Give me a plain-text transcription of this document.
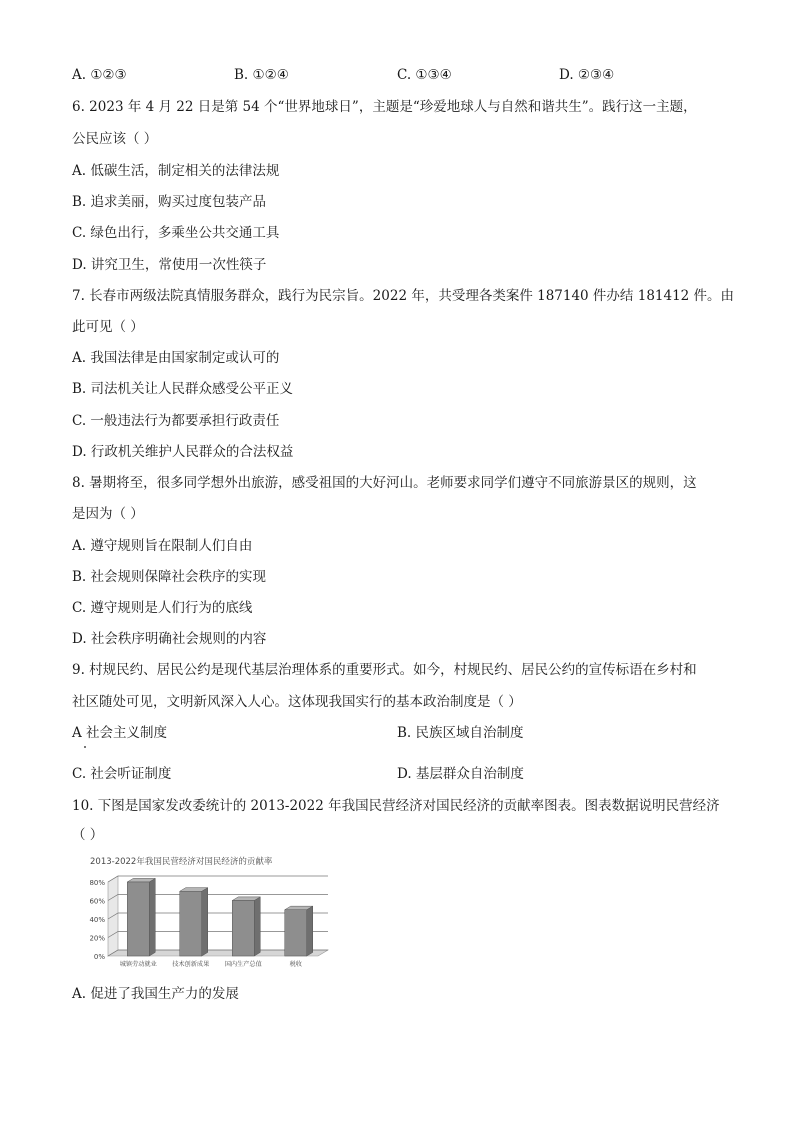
A. ①②③	B. ①②④	C. ①③④	D. ②③④
6. 2023 年 4 月 22 日是第 54 个“世界地球日”，主题是“珍爱地球人与自然和谐共生”。践行这一主题，
公民应该（ ）
A. 低碳生活，制定相关的法律法规
B. 追求美丽，购买过度包装产品
C. 绿色出行，多乘坐公共交通工具
D. 讲究卫生，常使用一次性筷子
7. 长春市两级法院真情服务群众，践行为民宗旨。2022 年，共受理各类案件 187140 件办结 181412 件。由
此可见（ ）
A. 我国法律是由国家制定或认可的
B. 司法机关让人民群众感受公平正义
C. 一般违法行为都要承担行政责任
D. 行政机关维护人民群众的合法权益
8. 暑期将至，很多同学想外出旅游，感受祖国的大好河山。老师要求同学们遵守不同旅游景区的规则，这
是因为（ ）
A. 遵守规则旨在限制人们自由
B. 社会规则保障社会秩序的实现
C. 遵守规则是人们行为的底线
D. 社会秩序明确社会规则的内容
9. 村规民约、居民公约是现代基层治理体系的重要形式。如今，村规民约、居民公约的宣传标语在乡村和
社区随处可见，文明新风深入人心。这体现我国实行的基本政治制度是（ ）
A 社会主义制度	B. 民族区域自治制度
C. 社会听证制度	D. 基层群众自治制度
10. 下图是国家发改委统计的 2013-2022 年我国民营经济对国民经济的贡献率图表。图表数据说明民营经济
（ ）
2013-2022年我国民营经济对国民经济的贡献率
80%
60%
40%
20%
0%
城镇劳动就业 技术创新成果 国内生产总值	税收
A. 促进了我国生产力的发展
